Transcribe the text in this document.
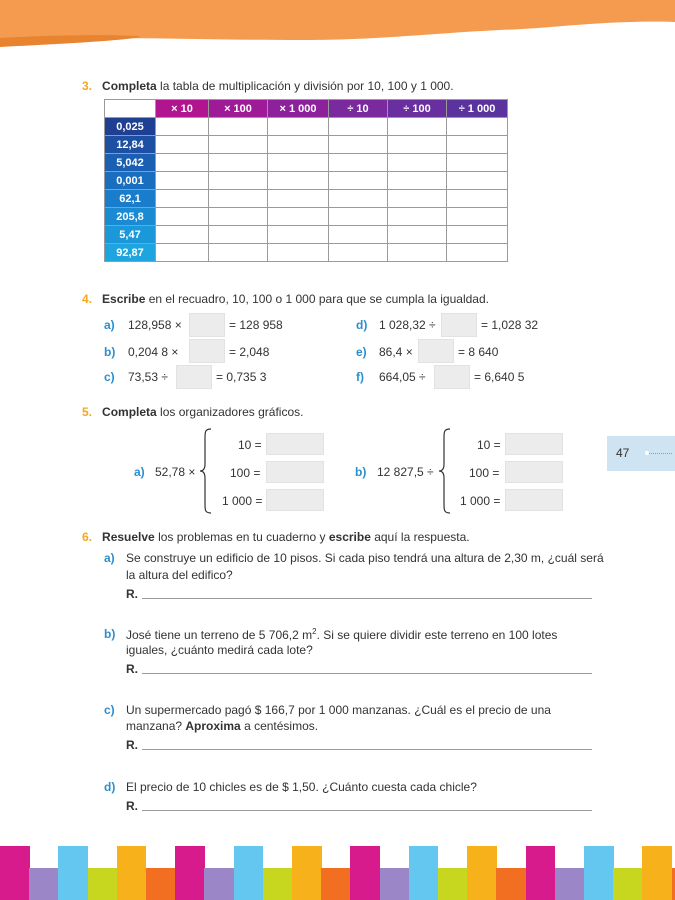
47
3. Completa la tabla de multiplicación y división por 10, 100 y 1 000.
	× 10	× 100	× 1 000	÷ 10	÷ 100	÷ 1 000
0,025						
12,84						
5,042						
0,001						
62,1						
205,8						
5,47						
92,87						
4. Escribe en el recuadro, 10, 100 o 1 000 para que se cumpla la igualdad.
a) 128,958 ×	= 128 958
b) 0,204 8 ×	= 2,048
c) 73,53 ÷	= 0,735 3
d) 1 028,32 ÷	= 1,028 32
e) 86,4 ×	= 8 640
f) 664,05 ÷	= 6,640 5
5. Completa los organizadores gráficos.
a) 52,78 ×
10 =
100 =
1 000 =
b) 12 827,5 ÷
10 =
100 =
1 000 =
6. Resuelve los problemas en tu cuaderno y escribe aquí la respuesta.
a) Se construye un edificio de 10 pisos. Si cada piso tendrá una altura de 2,30 m, ¿cuál será
la altura del edifico?
R.
b) José tiene un terreno de 5 706,2 $m^2$. Si se quiere dividir este terreno en 100 lotes
iguales, ¿cuánto medirá cada lote?
R.
c) Un supermercado pagó $ 166,7 por 1 000 manzanas. ¿Cuál es el precio de una
manzana? Aproxima a centésimos.
R.
d) El precio de 10 chicles es de $ 1,50. ¿Cuánto cuesta cada chicle?
R.
